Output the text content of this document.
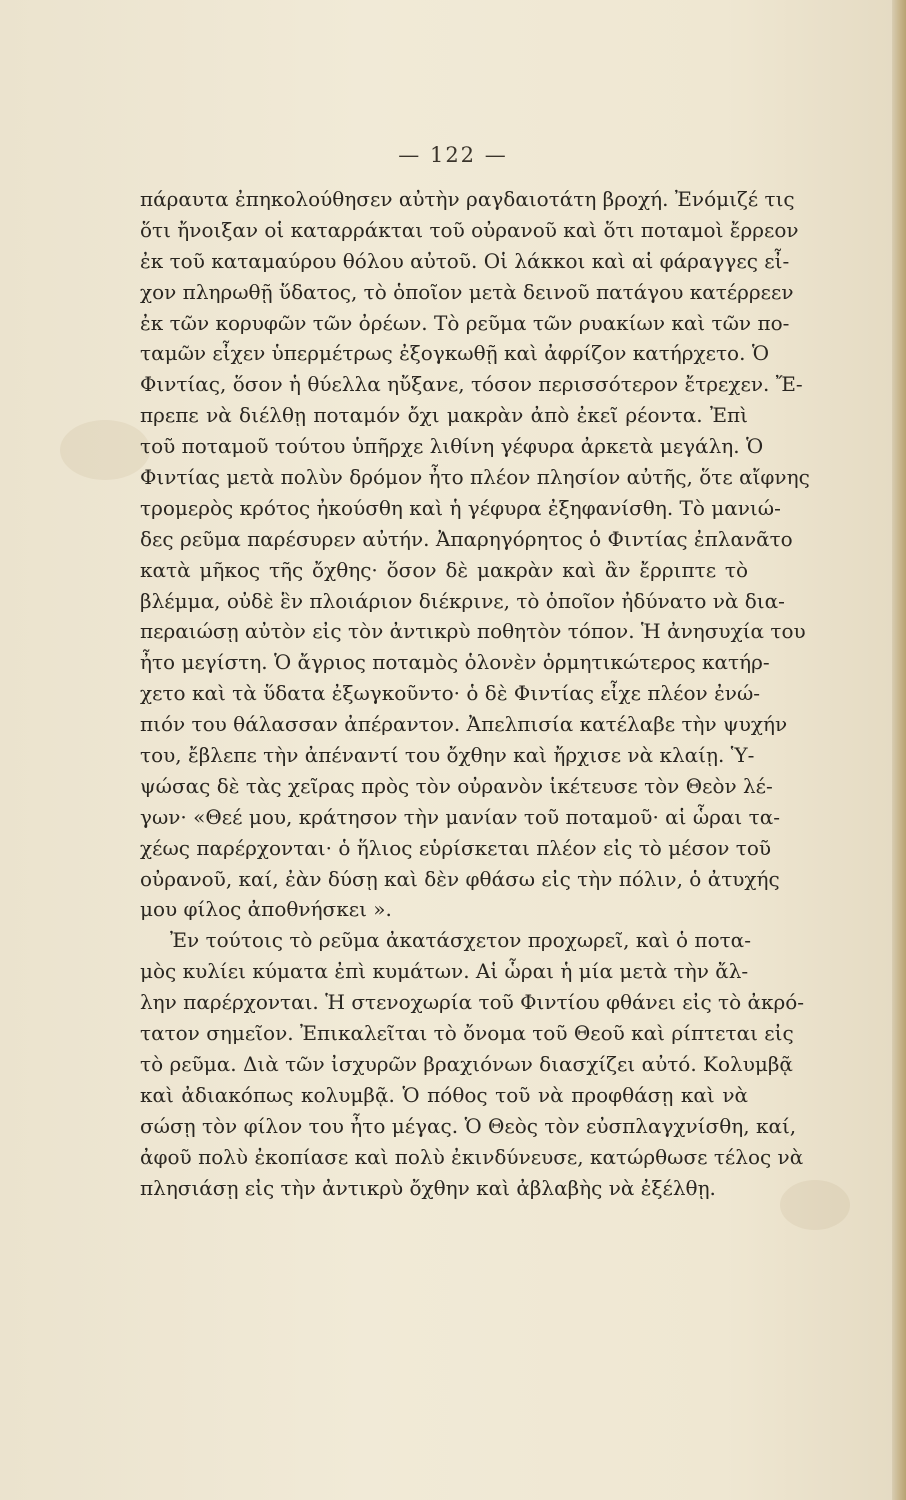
— 122 —
πάραυτα ἐπηκολούθησεν αὐτὴν ραγδαιοτάτη βροχή. Ἐνόμιζέ τις
ὅτι ἤνοιξαν οἱ καταρράκται τοῦ οὐρανοῦ καὶ ὅτι ποταμοὶ ἔρρεον
ἐκ τοῦ καταμαύρου θόλου αὐτοῦ. Οἱ λάκκοι καὶ αἱ φάραγγες εἶ-
χον πληρωθῇ ὕδατος, τὸ ὁποῖον μετὰ δεινοῦ πατάγου κατέρρεεν
ἐκ τῶν κορυφῶν τῶν ὀρέων. Τὸ ρεῦμα τῶν ρυακίων καὶ τῶν πο-
ταμῶν εἶχεν ὑπερμέτρως ἐξογκωθῇ καὶ ἀφρίζον κατήρχετο. Ὁ
Φιντίας, ὅσον ἡ θύελλα ηὔξανε, τόσον περισσότερον ἔτρεχεν. Ἔ-
πρεπε νὰ διέλθῃ ποταμόν ὄχι μακρὰν ἀπὸ ἐκεῖ ρέοντα. Ἐπὶ
τοῦ ποταμοῦ τούτου ὑπῆρχε λιθίνη γέφυρα ἀρκετὰ μεγάλη. Ὁ
Φιντίας μετὰ πολὺν δρόμον ἦτο πλέον πλησίον αὐτῆς, ὅτε αἴφνης
τρομερὸς κρότος ἠκούσθη καὶ ἡ γέφυρα ἐξηφανίσθη. Τὸ μανιώ-
δες ρεῦμα παρέσυρεν αὐτήν. Ἀπαρηγόρητος ὁ Φιντίας ἐπλανᾶτο
κατὰ μῆκος τῆς ὄχθης· ὅσον δὲ μακρὰν καὶ ἂν ἔρριπτε τὸ
βλέμμα, οὐδὲ ἓν πλοιάριον διέκρινε, τὸ ὁποῖον ἠδύνατο νὰ δια-
περαιώσῃ αὐτὸν εἰς τὸν ἀντικρὺ ποθητὸν τόπον. Ἡ ἀνησυχία του
ἦτο μεγίστη. Ὁ ἄγριος ποταμὸς ὁλονὲν ὁρμητικώτερος κατήρ-
χετο καὶ τὰ ὕδατα ἐξωγκοῦντο· ὁ δὲ Φιντίας εἶχε πλέον ἐνώ-
πιόν του θάλασσαν ἀπέραντον. Ἀπελπισία κατέλαβε τὴν ψυχήν
του, ἔβλεπε τὴν ἀπέναντί του ὄχθην καὶ ἤρχισε νὰ κλαίῃ. Ὑ-
ψώσας δὲ τὰς χεῖρας πρὸς τὸν οὐρανὸν ἱκέτευσε τὸν Θεὸν λέ-
γων· «Θεέ μου, κράτησον τὴν μανίαν τοῦ ποταμοῦ· αἱ ὧραι τα-
χέως παρέρχονται· ὁ ἥλιος εὑρίσκεται πλέον εἰς τὸ μέσον τοῦ
οὐρανοῦ, καί, ἐὰν δύσῃ καὶ δὲν φθάσω εἰς τὴν πόλιν, ὁ ἀτυχής
μου φίλος ἀποθνήσκει ».
Ἐν τούτοις τὸ ρεῦμα ἀκατάσχετον προχωρεῖ, καὶ ὁ ποτα-
μὸς κυλίει κύματα ἐπὶ κυμάτων. Αἱ ὧραι ἡ μία μετὰ τὴν ἄλ-
λην παρέρχονται. Ἡ στενοχωρία τοῦ Φιντίου φθάνει εἰς τὸ ἀκρό-
τατον σημεῖον. Ἐπικαλεῖται τὸ ὄνομα τοῦ Θεοῦ καὶ ρίπτεται εἰς
τὸ ρεῦμα. Διὰ τῶν ἰσχυρῶν βραχιόνων διασχίζει αὐτό. Κολυμβᾷ
καὶ ἀδιακόπως κολυμβᾷ. Ὁ πόθος τοῦ νὰ προφθάσῃ καὶ νὰ
σώσῃ τὸν φίλον του ἦτο μέγας. Ὁ Θεὸς τὸν εὐσπλαγχνίσθη, καί,
ἀφοῦ πολὺ ἐκοπίασε καὶ πολὺ ἐκινδύνευσε, κατώρθωσε τέλος νὰ
πλησιάσῃ εἰς τὴν ἀντικρὺ ὄχθην καὶ ἀβλαβὴς νὰ ἐξέλθῃ.
